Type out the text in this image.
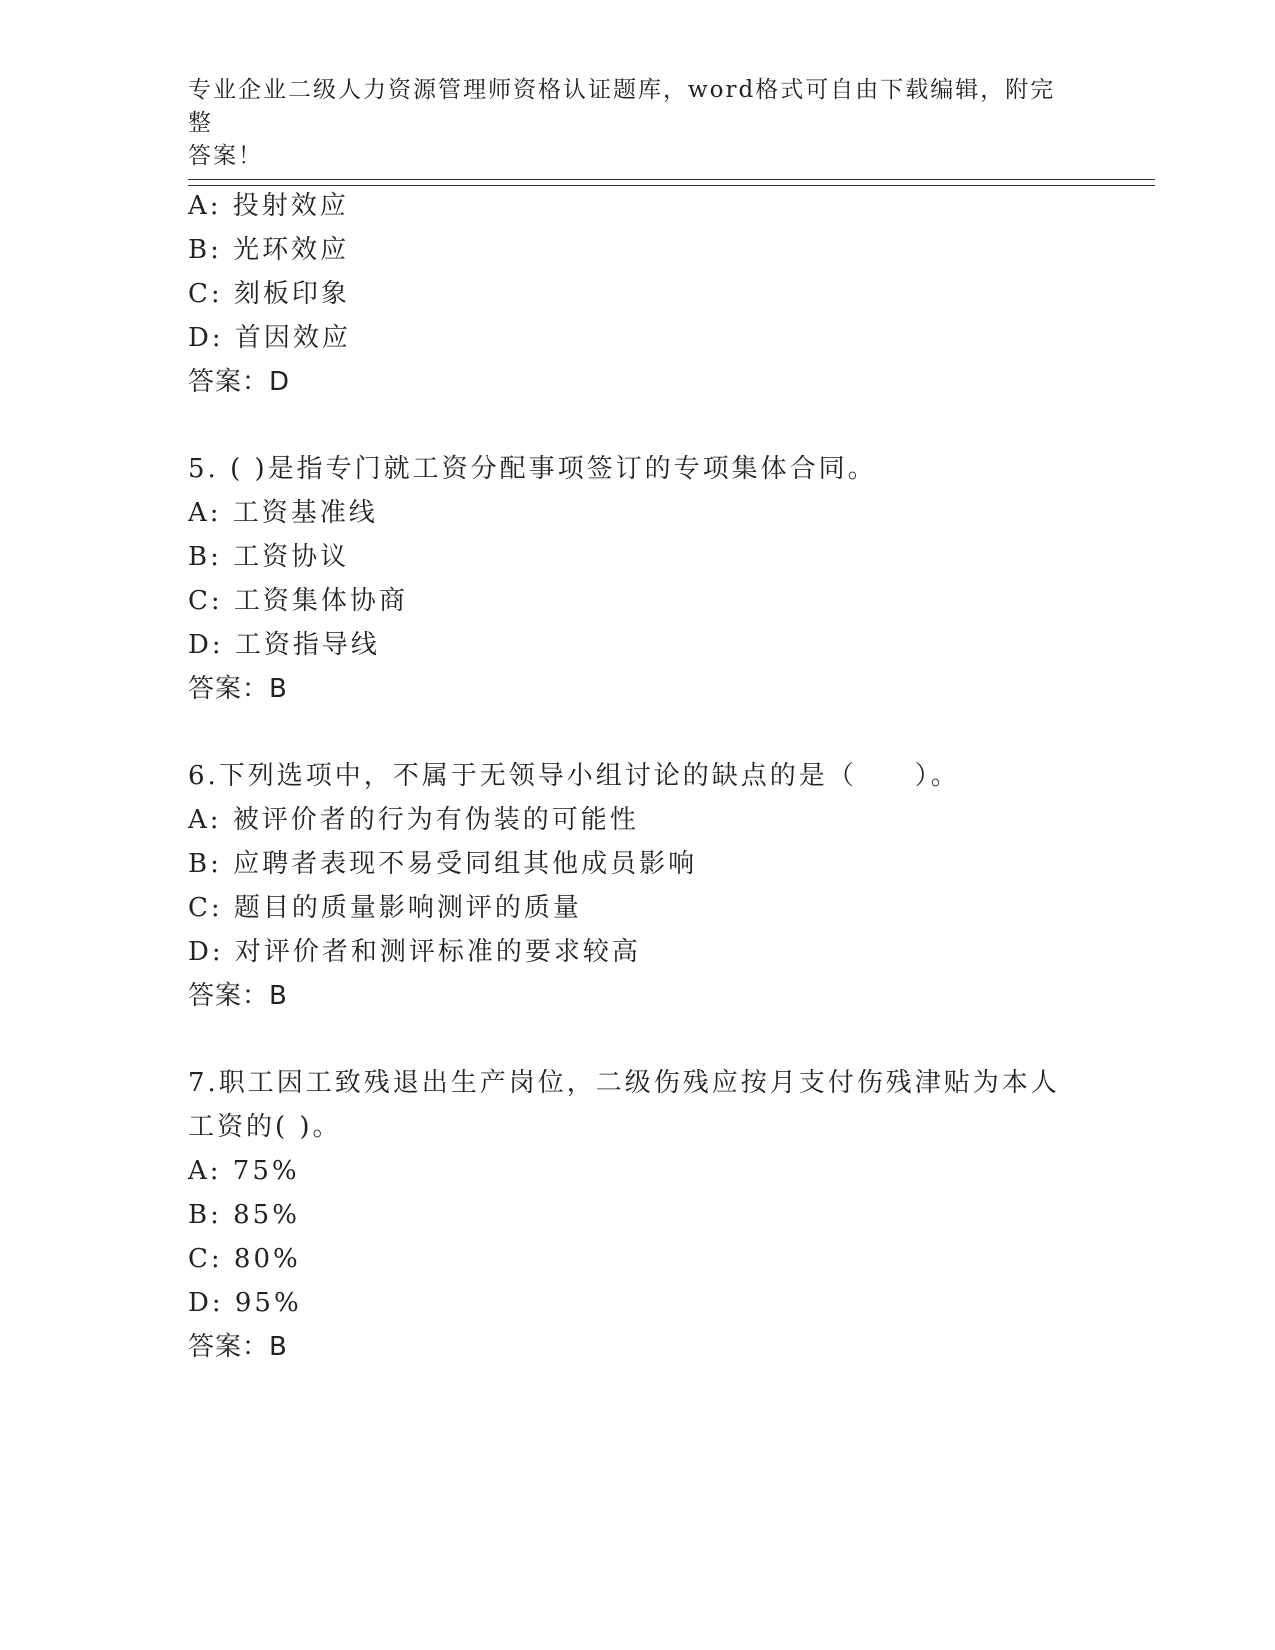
专业企业二级人力资源管理师资格认证题库，word格式可自由下载编辑，附完整
答案！
A: 投射效应
B: 光环效应
C: 刻板印象
D: 首因效应
答案：D
5. ( )是指专门就工资分配事项签订的专项集体合同。
A: 工资基准线
B: 工资协议
C: 工资集体协商
D: 工资指导线
答案：B
6.下列选项中，不属于无领导小组讨论的缺点的是（　　）。
A: 被评价者的行为有伪装的可能性
B: 应聘者表现不易受同组其他成员影响
C: 题目的质量影响测评的质量
D: 对评价者和测评标准的要求较高
答案：B
7.职工因工致残退出生产岗位，二级伤残应按月支付伤残津贴为本人
工资的( )。
A: 75%
B: 85%
C: 80%
D: 95%
答案：B
